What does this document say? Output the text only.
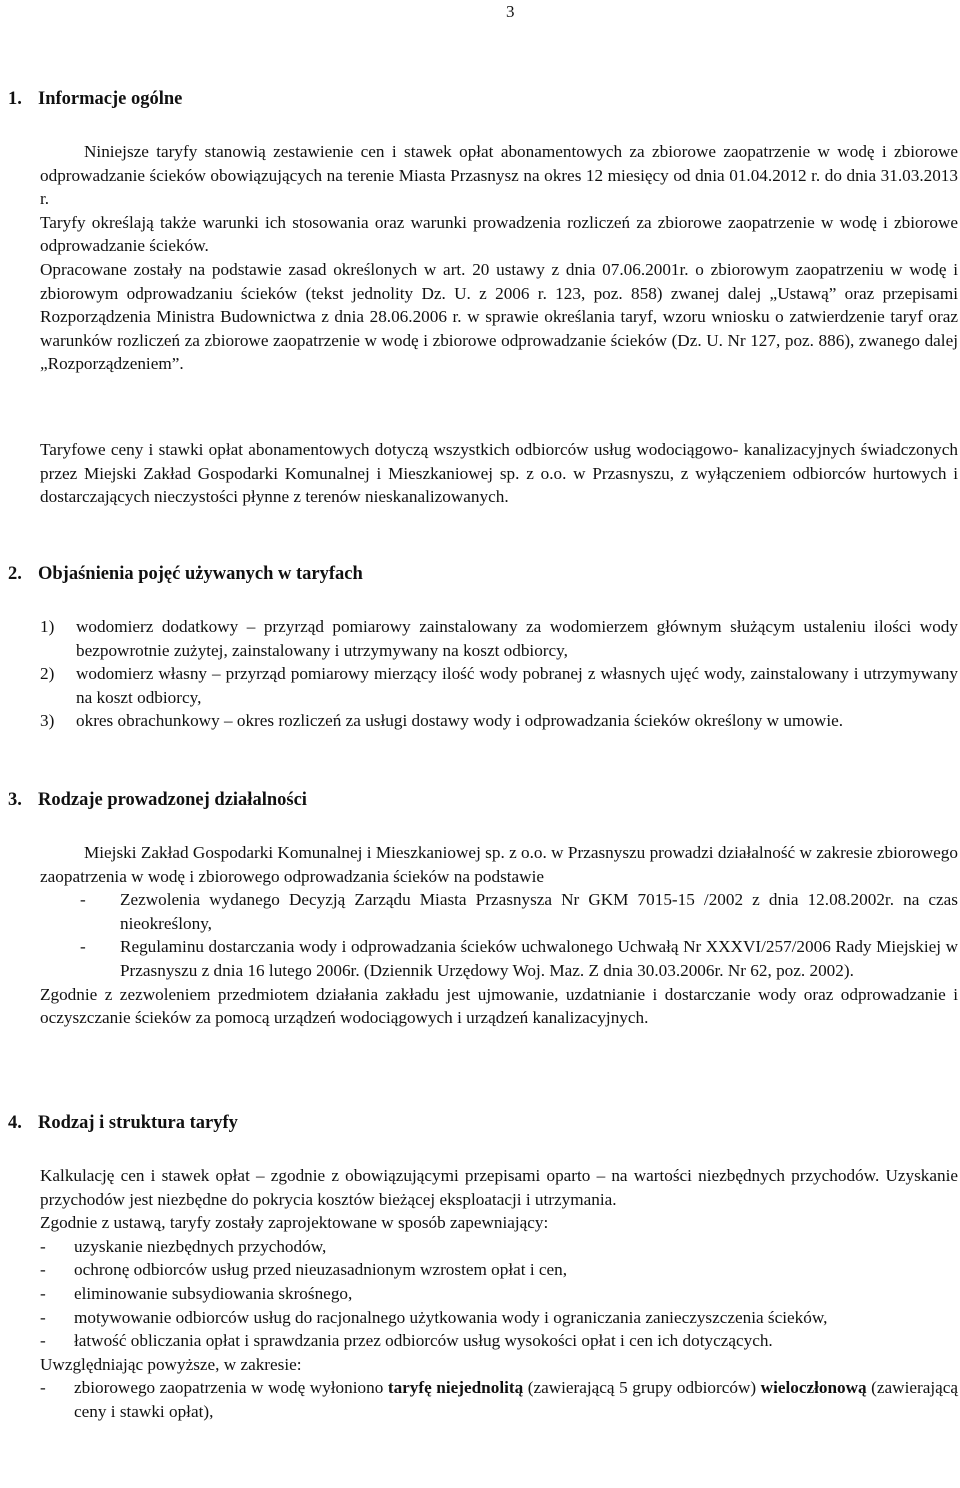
3
1. Informacje ogólne

Niniejsze taryfy stanowią zestawienie cen i stawek opłat abonamentowych za zbiorowe zaopatrzenie w wodę i zbiorowe odprowadzanie ścieków obowiązujących na terenie Miasta Przasnysz na okres 12 miesięcy od dnia 01.04.2012 r. do dnia 31.03.2013 r.

Taryfy określają także warunki ich stosowania oraz warunki prowadzenia rozliczeń za zbiorowe zaopatrzenie w wodę i zbiorowe odprowadzanie ścieków.

Opracowane zostały na podstawie zasad określonych w art. 20 ustawy z dnia 07.06.2001r. o zbiorowym zaopatrzeniu w wodę i zbiorowym odprowadzaniu ścieków (tekst jednolity Dz. U. z 2006 r. 123, poz. 858) zwanej dalej „Ustawą” oraz przepisami Rozporządzenia Ministra Budownictwa z dnia 28.06.2006 r. w sprawie określania taryf, wzoru wniosku o zatwierdzenie taryf oraz warunków rozliczeń za zbiorowe zaopatrzenie w wodę i zbiorowe odprowadzanie ścieków (Dz. U. Nr 127, poz. 886), zwanego dalej „Rozporządzeniem”.

Taryfowe ceny i stawki opłat abonamentowych dotyczą wszystkich odbiorców usług wodociągowo- kanalizacyjnych świadczonych przez Miejski Zakład Gospodarki Komunalnej i Mieszkaniowej sp. z o.o. w Przasnyszu, z wyłączeniem odbiorców hurtowych i dostarczających nieczystości płynne z terenów nieskanalizowanych.

2. Objaśnienia pojęć używanych w taryfach
1)	wodomierz dodatkowy – przyrząd pomiarowy zainstalowany za wodomierzem głównym służącym ustaleniu ilości wody bezpowrotnie zużytej, zainstalowany i utrzymywany na koszt odbiorcy,
2)	wodomierz własny – przyrząd pomiarowy mierzący ilość wody pobranej z własnych ujęć wody, zainstalowany i utrzymywany na koszt odbiorcy,
3)	okres obrachunkowy – okres rozliczeń za usługi dostawy wody i odprowadzania ścieków określony w umowie.
3. Rodzaje prowadzonej działalności

Miejski Zakład Gospodarki Komunalnej i Mieszkaniowej sp. z o.o. w Przasnyszu prowadzi działalność w zakresie zbiorowego zaopatrzenia w wodę i zbiorowego odprowadzania ścieków na podstawie

-	Zezwolenia wydanego Decyzją Zarządu Miasta Przasnysza Nr GKM 7015-15 /2002 z dnia 12.08.2002r. na czas nieokreślony,
-	Regulaminu dostarczania wody i odprowadzania ścieków uchwalonego Uchwałą Nr XXXVI/257/2006 Rady Miejskiej w Przasnyszu z dnia 16 lutego 2006r. (Dziennik Urzędowy Woj. Maz. Z dnia 30.03.2006r. Nr 62, poz. 2002).

Zgodnie z zezwoleniem przedmiotem działania zakładu jest ujmowanie, uzdatnianie i dostarczanie wody oraz odprowadzanie i oczyszczanie ścieków za pomocą urządzeń wodociągowych i urządzeń kanalizacyjnych.

4. Rodzaj i struktura taryfy

Kalkulację cen i stawek opłat – zgodnie z obowiązującymi przepisami oparto – na wartości niezbędnych przychodów. Uzyskanie przychodów jest niezbędne do pokrycia kosztów bieżącej eksploatacji i utrzymania.

Zgodnie z ustawą, taryfy zostały zaprojektowane w sposób zapewniający:

-	uzyskanie niezbędnych przychodów,
-	ochronę odbiorców usług przed nieuzasadnionym wzrostem opłat i cen,
-	eliminowanie subsydiowania skrośnego,
-	motywowanie odbiorców usług do racjonalnego użytkowania wody i ograniczania zanieczyszczenia ścieków,
-	łatwość obliczania opłat i sprawdzania przez odbiorców usług wysokości opłat i cen ich dotyczących.

Uwzględniając powyższe, w zakresie:

-	zbiorowego zaopatrzenia w wodę wyłoniono taryfę niejednolitą (zawierającą 5 grupy odbiorców) wieloczłonową (zawierającą ceny i stawki opłat),
